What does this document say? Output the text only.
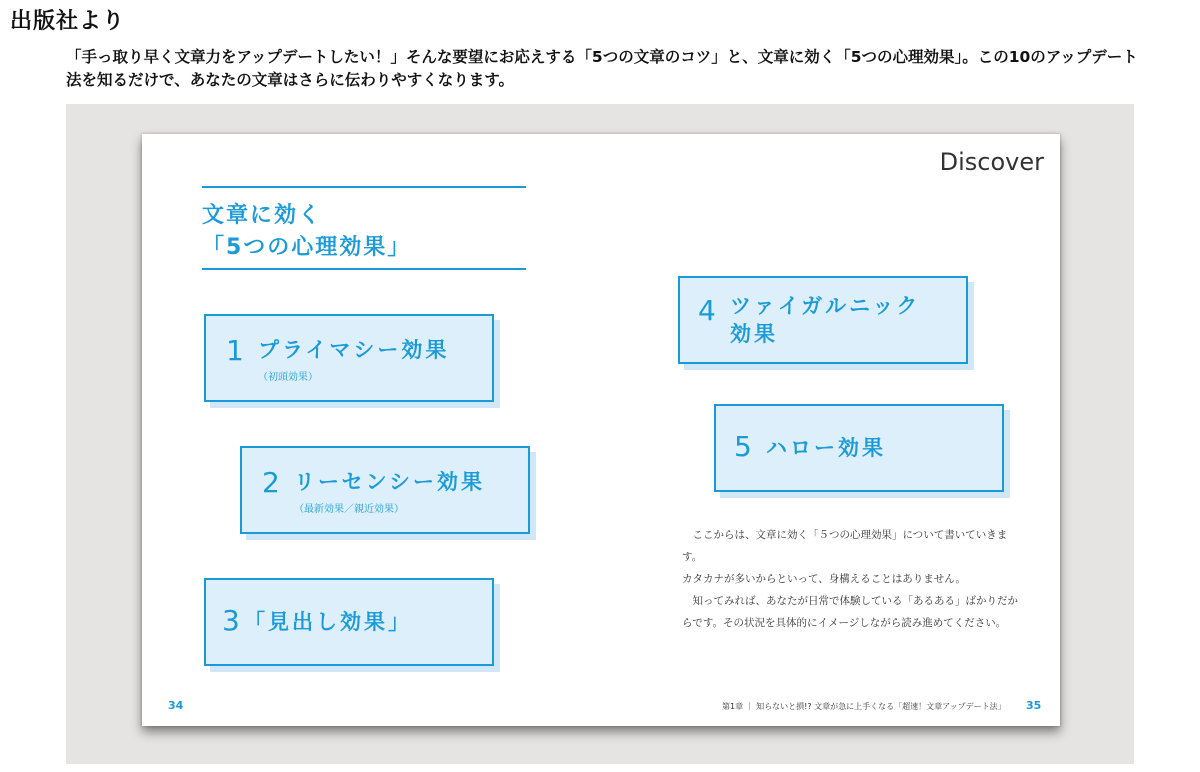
出版社より
「手っ取り早く文章力をアップデートしたい！」そんな要望にお応えする「5つの文章のコツ」と、文章に効く「5つの心理効果」。この10のアップデート法を知るだけで、あなたの文章はさらに伝わりやすくなります。
Discover
文章に効く
「5つの心理効果」
1 プライマシー効果
（初頭効果）
2 リーセンシー効果
（最新効果／親近効果）
3 「見出し効果」
4 ツァイガルニック
効果
5 ハロー効果

ここからは、文章に効く「５つの心理効果」について書いていきます。

カタカナが多いからといって、身構えることはありません。

知ってみれば、あなたが日常で体験している「あるある」ばかりだか

らです。その状況を具体的にイメージしながら読み進めてください。

34	第1章 ｜ 知らないと損!? 文章が急に上手くなる「超速！文章アップデート法」 35
